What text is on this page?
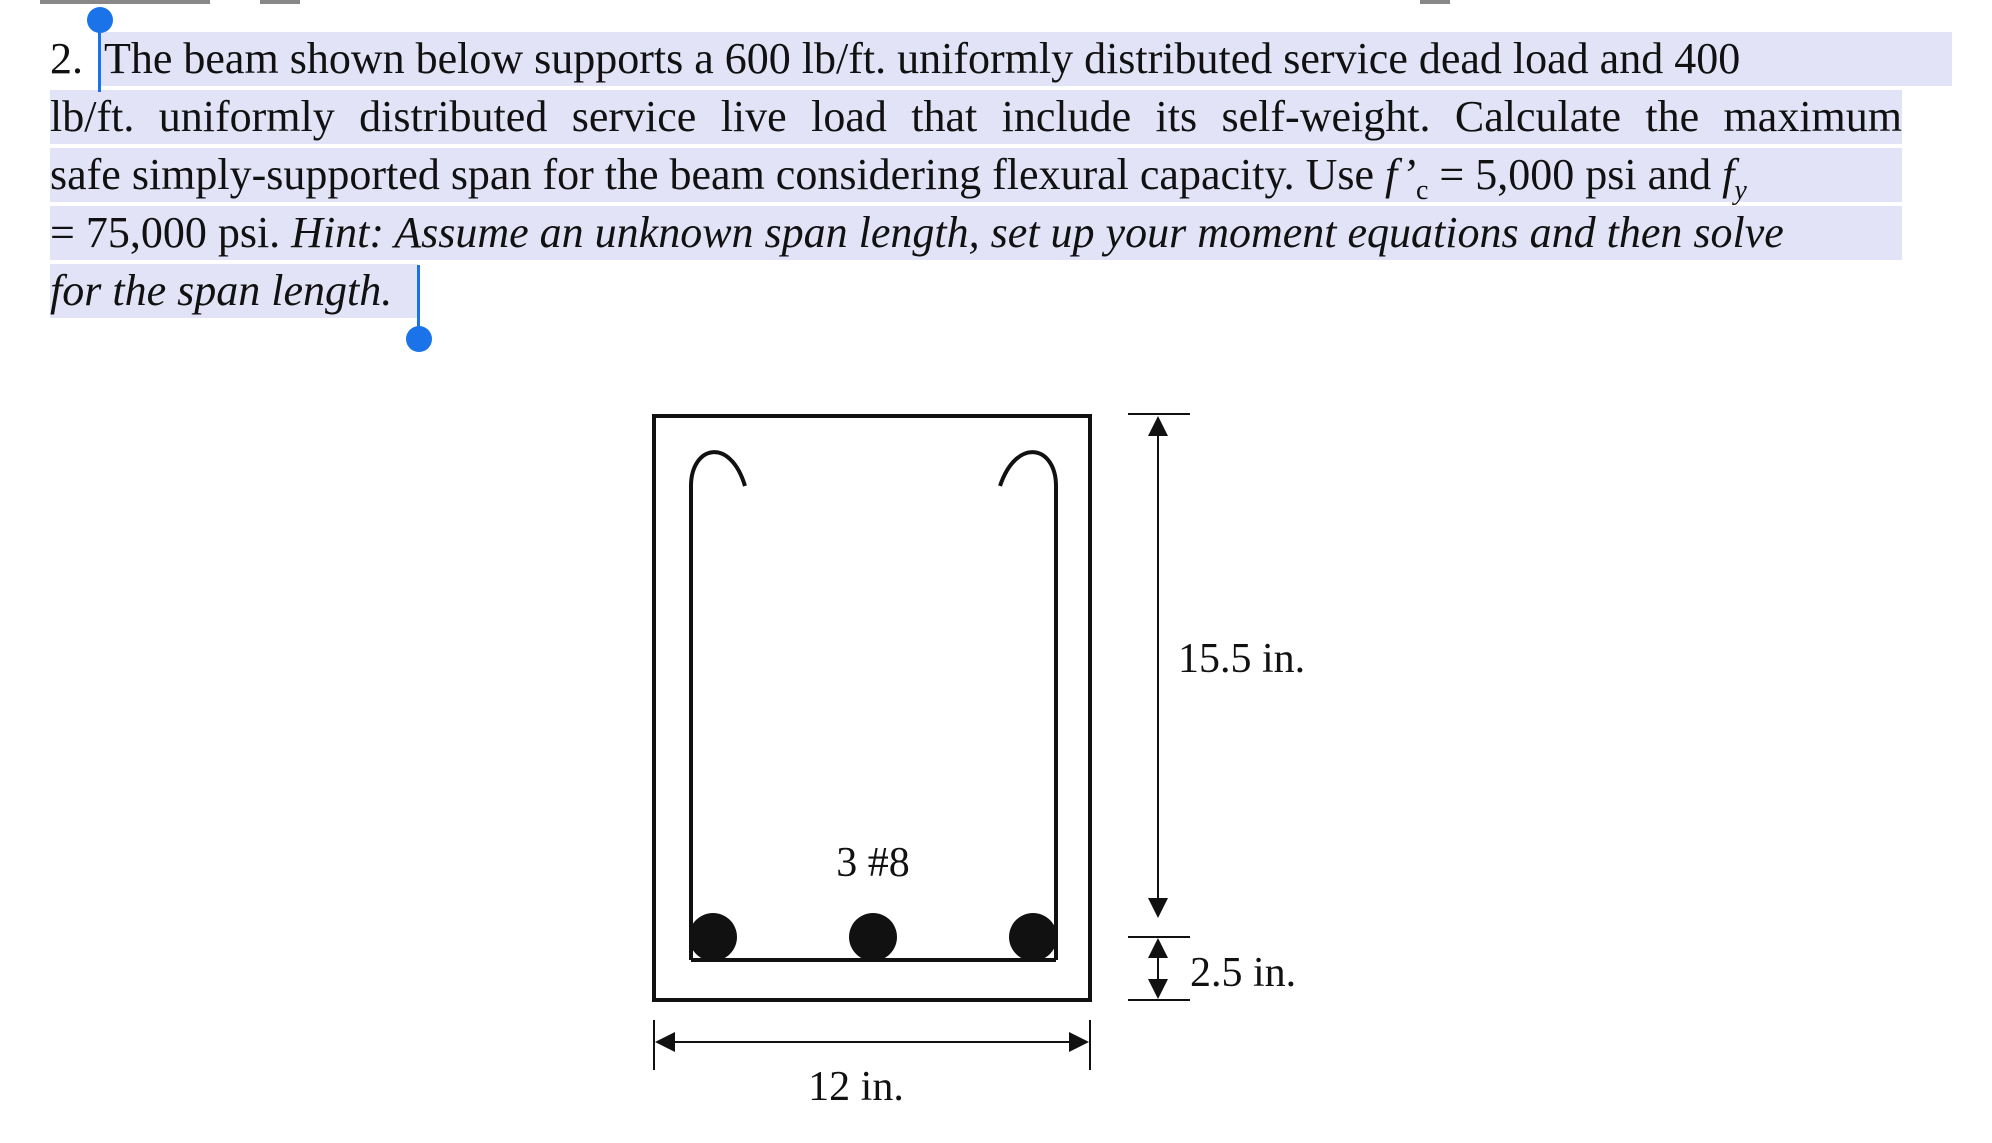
2. The beam shown below supports a 600 lb/ft. uniformly distributed service dead load and 400
lb/ft. uniformly distributed service live load that include its self-weight. Calculate the maximum
safe simply-supported span for the beam considering flexural capacity. Use $f’_c = 5,000$ psi and $f_y$
= 75,000 psi. Hint: Assume an unknown span length, set up your moment equations and then solve
for the span length.
3 #8
15.5 in.
2.5 in.
12 in.
